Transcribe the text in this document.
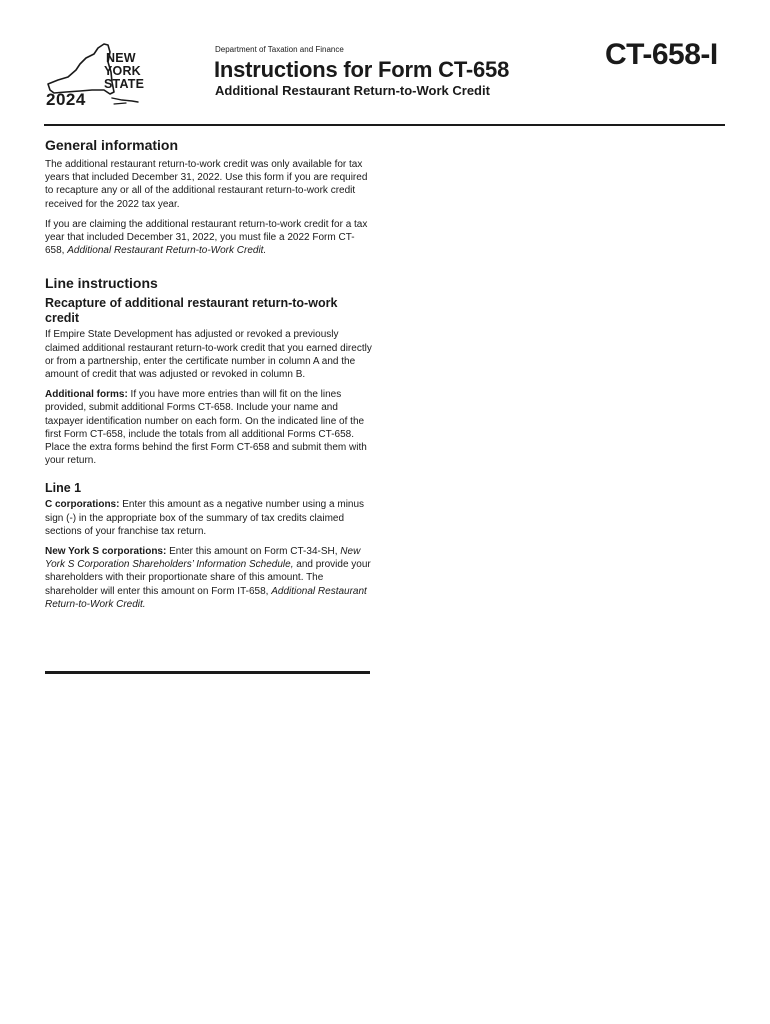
NEW
YORK
STATE
2024
Department of Taxation and Finance
Instructions for Form CT-658
Additional Restaurant Return-to-Work Credit
CT-658-I
General information

The additional restaurant return-to-work credit was only available for tax years that included December 31, 2022. Use this form if you are required to recapture any or all of the additional restaurant return-to-work credit received for the 2022 tax year.

If you are claiming the additional restaurant return-to-work credit for a tax year that included December 31, 2022, you must file a 2022 Form CT-658, Additional Restaurant Return-to-Work Credit.

Line instructions
Recapture of additional restaurant return-to-work credit

If Empire State Development has adjusted or revoked a previously claimed additional restaurant return-to-work credit that you earned directly or from a partnership, enter the certificate number in column A and the amount of credit that was adjusted or revoked in column B.

Additional forms: If you have more entries than will fit on the lines provided, submit additional Forms CT-658. Include your name and taxpayer identification number on each form. On the indicated line of the first Form CT-658, include the totals from all additional Forms CT-658. Place the extra forms behind the first Form CT-658 and submit them with your return.

Line 1

C corporations: Enter this amount as a negative number using a minus sign (-) in the appropriate box of the summary of tax credits claimed sections of your franchise tax return.

New York S corporations: Enter this amount on Form CT-34-SH, New York S Corporation Shareholders’ Information Schedule, and provide your shareholders with their proportionate share of this amount. The shareholder will enter this amount on Form IT-658, Additional Restaurant Return-to-Work Credit.
